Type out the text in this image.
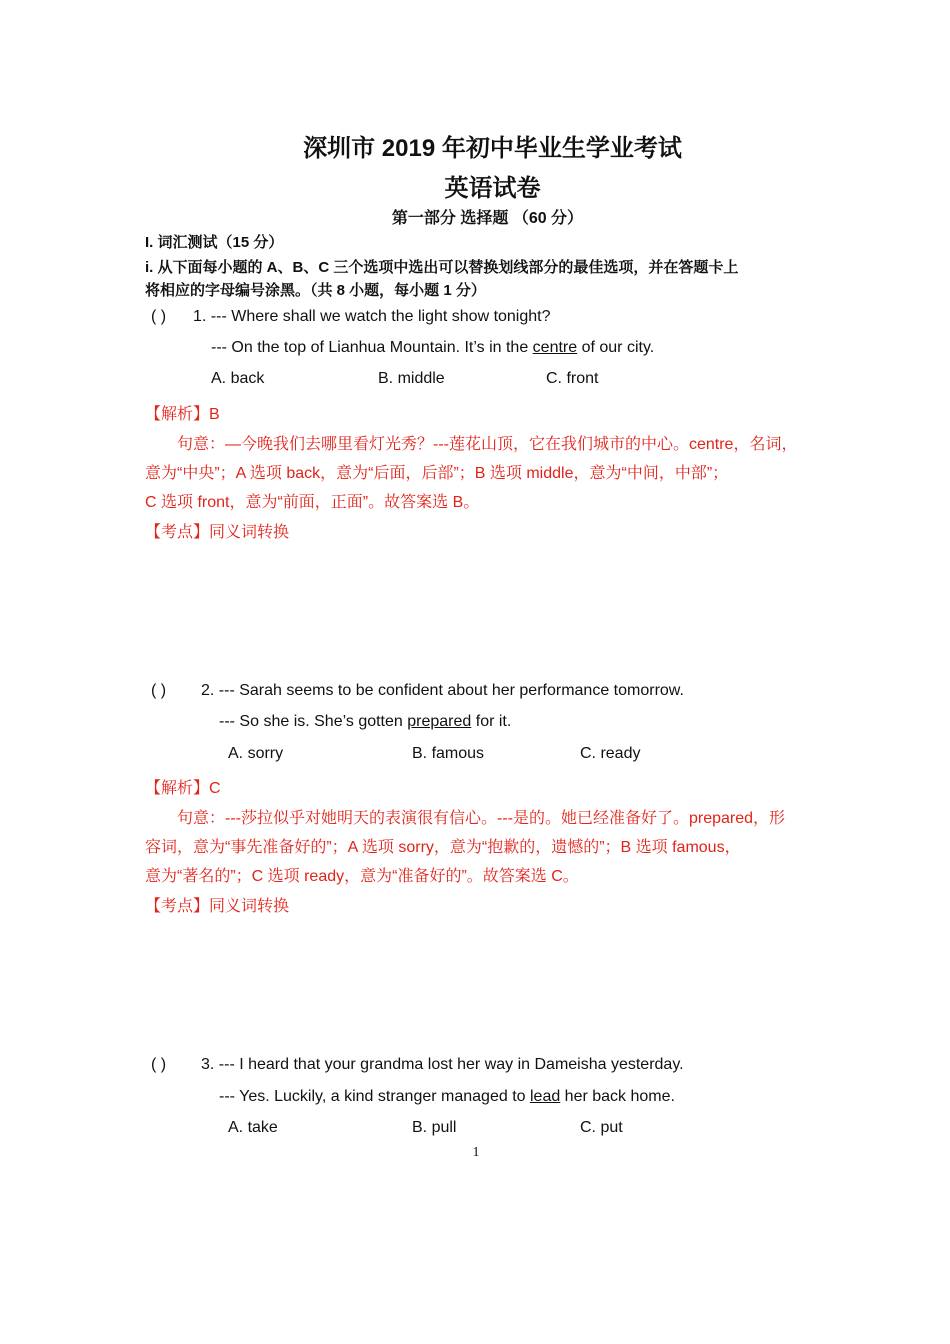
深圳市 2019 年初中毕业生学业考试
英语试卷
第一部分 选择题 （60 分）
I. 词汇测试（15 分）
i. 从下面每小题的 A、B、C 三个选项中选出可以替换划线部分的最佳选项，并在答题卡上
将相应的字母编号涂黑。（共 8 小题，每小题 1 分）
( ) 1. --- Where shall we watch the light show tonight?
--- On the top of Lianhua Mountain. It’s in the centre of our city.
A. back	B. middle	C. front
【解析】B
句意：—今晚我们去哪里看灯光秀？---莲花山顶，它在我们城市的中心。centre，名词，
意为“中央”；A 选项 back，意为“后面，后部”；B 选项 middle，意为“中间，中部”；
C 选项 front，意为“前面，正面”。故答案选 B。
【考点】同义词转换
( ) 2. --- Sarah seems to be confident about her performance tomorrow.
--- So she is. She’s gotten prepared for it.
A. sorry	B. famous	C. ready
【解析】C
句意：---莎拉似乎对她明天的表演很有信心。---是的。她已经准备好了。prepared，形
容词，意为“事先准备好的”；A 选项 sorry，意为“抱歉的，遗憾的”；B 选项 famous，
意为“著名的”；C 选项 ready，意为“准备好的”。故答案选 C。
【考点】同义词转换
( ) 3. --- I heard that your grandma lost her way in Dameisha yesterday.
--- Yes. Luckily, a kind stranger managed to lead her back home.
A. take	B. pull	C. put
1
